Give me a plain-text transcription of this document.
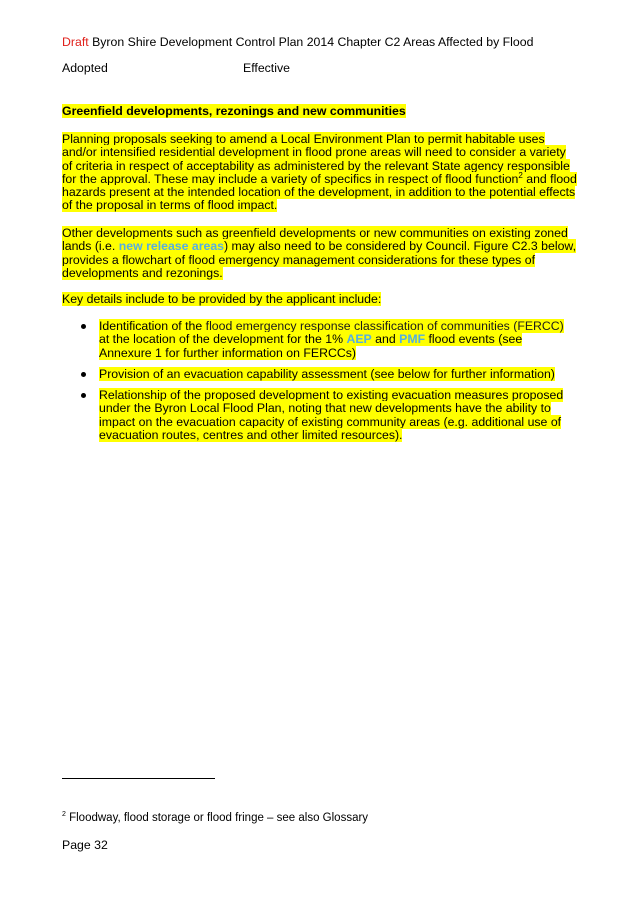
Draft Byron Shire Development Control Plan 2014 Chapter C2 Areas Affected by Flood
Adopted	Effective
Greenfield developments, rezonings and new communities

Planning proposals seeking to amend a Local Environment Plan to permit habitable uses and/or intensified residential development in flood prone areas will need to consider a variety of criteria in respect of acceptability as administered by the relevant State agency responsible for the approval. These may include a variety of specifics in respect of flood function$^2$ and flood hazards present at the intended location of the development, in addition to the potential effects of the proposal in terms of flood impact.

Other developments such as greenfield developments or new communities on existing zoned lands (i.e. new release areas) may also need to be considered by Council. Figure C2.3 below, provides a flowchart of flood emergency management considerations for these types of developments and rezonings.

Key details include to be provided by the applicant include:

Identification of the flood emergency response classification of communities (FERCC) at the location of the development for the 1% AEP and PMF flood events (see Annexure 1 for further information on FERCCs)
Provision of an evacuation capability assessment (see below for further information)
Relationship of the proposed development to existing evacuation measures proposed under the Byron Local Flood Plan, noting that new developments have the ability to impact on the evacuation capacity of existing community areas (e.g. additional use of evacuation routes, centres and other limited resources).
$^2$ Floodway, flood storage or flood fringe – see also Glossary
Page 32
